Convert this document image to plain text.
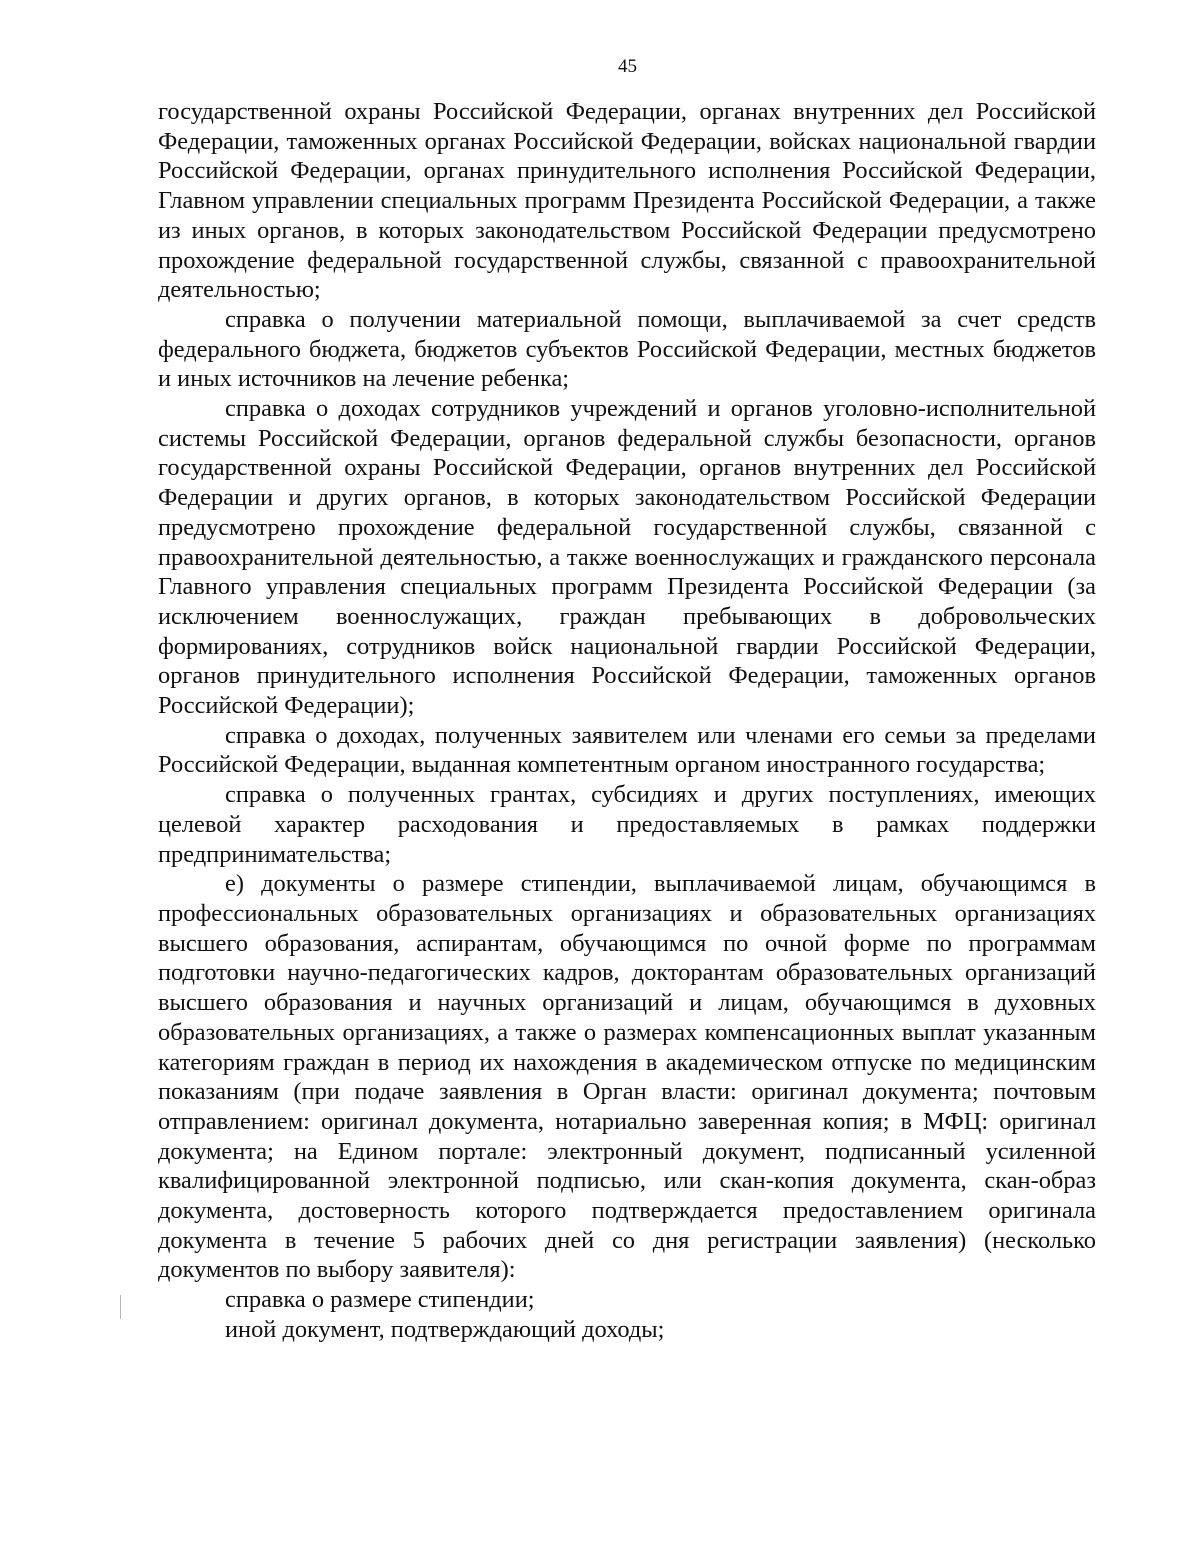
45

государственной охраны Российской Федерации, органах внутренних дел Российской Федерации, таможенных органах Российской Федерации, войсках национальной гвардии Российской Федерации, органах принудительного исполнения Российской Федерации, Главном управлении специальных программ Президента Российской Федерации, а также из иных органов, в которых законодательством Российской Федерации предусмотрено прохождение федеральной государственной службы, связанной с правоохранительной деятельностью;

справка о получении материальной помощи, выплачиваемой за счет средств федерального бюджета, бюджетов субъектов Российской Федерации, местных бюджетов и иных источников на лечение ребенка;

справка о доходах сотрудников учреждений и органов уголовно-исполнительной системы Российской Федерации, органов федеральной службы безопасности, органов государственной охраны Российской Федерации, органов внутренних дел Российской Федерации и других органов, в которых законодательством Российской Федерации предусмотрено прохождение федеральной государственной службы, связанной с правоохранительной деятельностью, а также военнослужащих и гражданского персонала Главного управления специальных программ Президента Российской Федерации (за исключением военнослужащих, граждан пребывающих в добровольческих формированиях, сотрудников войск национальной гвардии Российской Федерации, органов принудительного исполнения Российской Федерации, таможенных органов Российской Федерации);

справка о доходах, полученных заявителем или членами его семьи за пределами Российской Федерации, выданная компетентным органом иностранного государства;

справка о полученных грантах, субсидиях и других поступлениях, имеющих целевой характер расходования и предоставляемых в рамках поддержки предпринимательства;

е) документы о размере стипендии, выплачиваемой лицам, обучающимся в профессиональных образовательных организациях и образовательных организациях высшего образования, аспирантам, обучающимся по очной форме по программам подготовки научно-педагогических кадров, докторантам образовательных организаций высшего образования и научных организаций и лицам, обучающимся в духовных образовательных организациях, а также о размерах компенсационных выплат указанным категориям граждан в период их нахождения в академическом отпуске по медицинским показаниям (при подаче заявления в Орган власти: оригинал документа; почтовым отправлением: оригинал документа, нотариально заверенная копия; в МФЦ: оригинал документа; на Едином портале: электронный документ, подписанный усиленной квалифицированной электронной подписью, или скан-копия документа, скан-образ документа, достоверность которого подтверждается предоставлением оригинала документа в течение 5 рабочих дней со дня регистрации заявления) (несколько документов по выбору заявителя):

справка о размере стипендии;

иной документ, подтверждающий доходы;
